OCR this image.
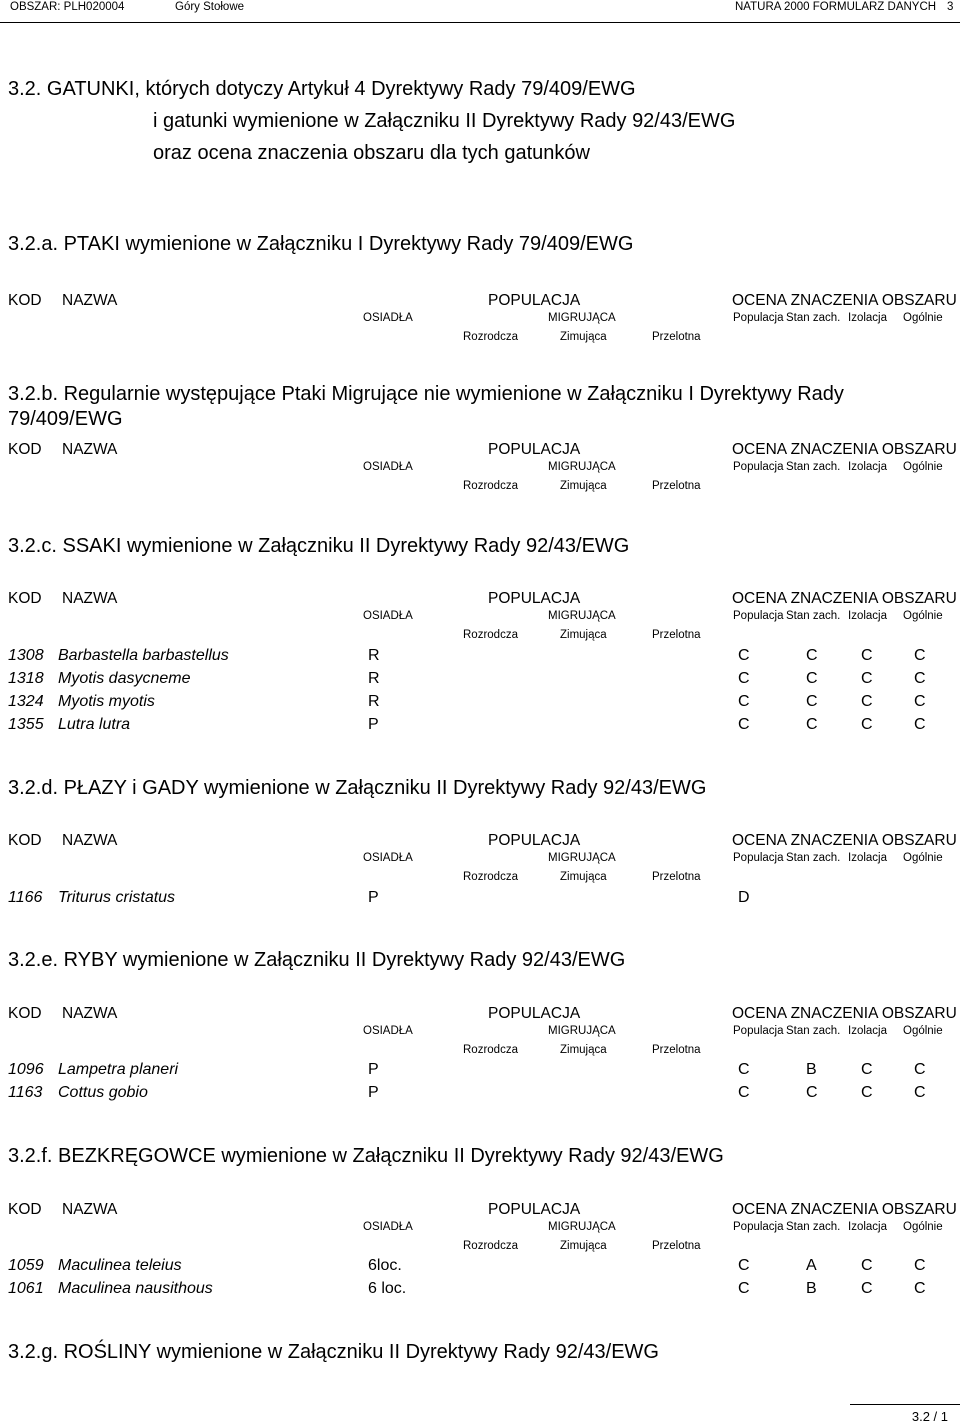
OBSZAR: PLH020004	Góry Stołowe	NATURA 2000 FORMULARZ DANYCH 3
3.2. GATUNKI, których dotyczy Artykuł 4 Dyrektywy Rady 79/409/EWG
i gatunki wymienione w Załączniku II Dyrektywy Rady 92/43/EWG
oraz ocena znaczenia obszaru dla tych gatunków
3.2.a. PTAKI wymienione w Załączniku I Dyrektywy Rady 79/409/EWG
KOD NAZWA	POPULACJA	OCENA ZNACZENIA OBSZARU
OSIADŁA	MIGRUJĄCA	Populacja Stan zach. Izolacja Ogólnie
Rozrodcza	Zimująca	Przelotna
3.2.b. Regularnie występujące Ptaki Migrujące nie wymienione w Załączniku I Dyrektywy Rady
79/409/EWG
KOD NAZWA	POPULACJA	OCENA ZNACZENIA OBSZARU
OSIADŁA	MIGRUJĄCA	Populacja Stan zach. Izolacja Ogólnie
Rozrodcza	Zimująca	Przelotna
3.2.c. SSAKI wymienione w Załączniku II Dyrektywy Rady 92/43/EWG
KOD NAZWA	POPULACJA	OCENA ZNACZENIA OBSZARU
OSIADŁA	MIGRUJĄCA	Populacja Stan zach. Izolacja Ogólnie
Rozrodcza	Zimująca	Przelotna
1308 Barbastella barbastellus	R	C	C	C	C
1318 Myotis dasycneme	R	C	C	C	C
1324 Myotis myotis	R	C	C	C	C
1355 Lutra lutra	P	C	C	C	C
3.2.d. PŁAZY i GADY wymienione w Załączniku II Dyrektywy Rady 92/43/EWG
KOD NAZWA	POPULACJA	OCENA ZNACZENIA OBSZARU
OSIADŁA	MIGRUJĄCA	Populacja Stan zach. Izolacja Ogólnie
Rozrodcza	Zimująca	Przelotna
1166 Triturus cristatus	P	D
3.2.e. RYBY wymienione w Załączniku II Dyrektywy Rady 92/43/EWG
KOD NAZWA	POPULACJA	OCENA ZNACZENIA OBSZARU
OSIADŁA	MIGRUJĄCA	Populacja Stan zach. Izolacja Ogólnie
Rozrodcza	Zimująca	Przelotna
1096 Lampetra planeri	P	C	B	C	C
1163 Cottus gobio	P	C	C	C	C
3.2.f. BEZKRĘGOWCE wymienione w Załączniku II Dyrektywy Rady 92/43/EWG
KOD NAZWA	POPULACJA	OCENA ZNACZENIA OBSZARU
OSIADŁA	MIGRUJĄCA	Populacja Stan zach. Izolacja Ogólnie
Rozrodcza	Zimująca	Przelotna
1059 Maculinea teleius	6loc.	C	A	C	C
1061 Maculinea nausithous	6 loc.	C	B	C	C
3.2.g. ROŚLINY wymienione w Załączniku II Dyrektywy Rady 92/43/EWG
3.2 / 1
